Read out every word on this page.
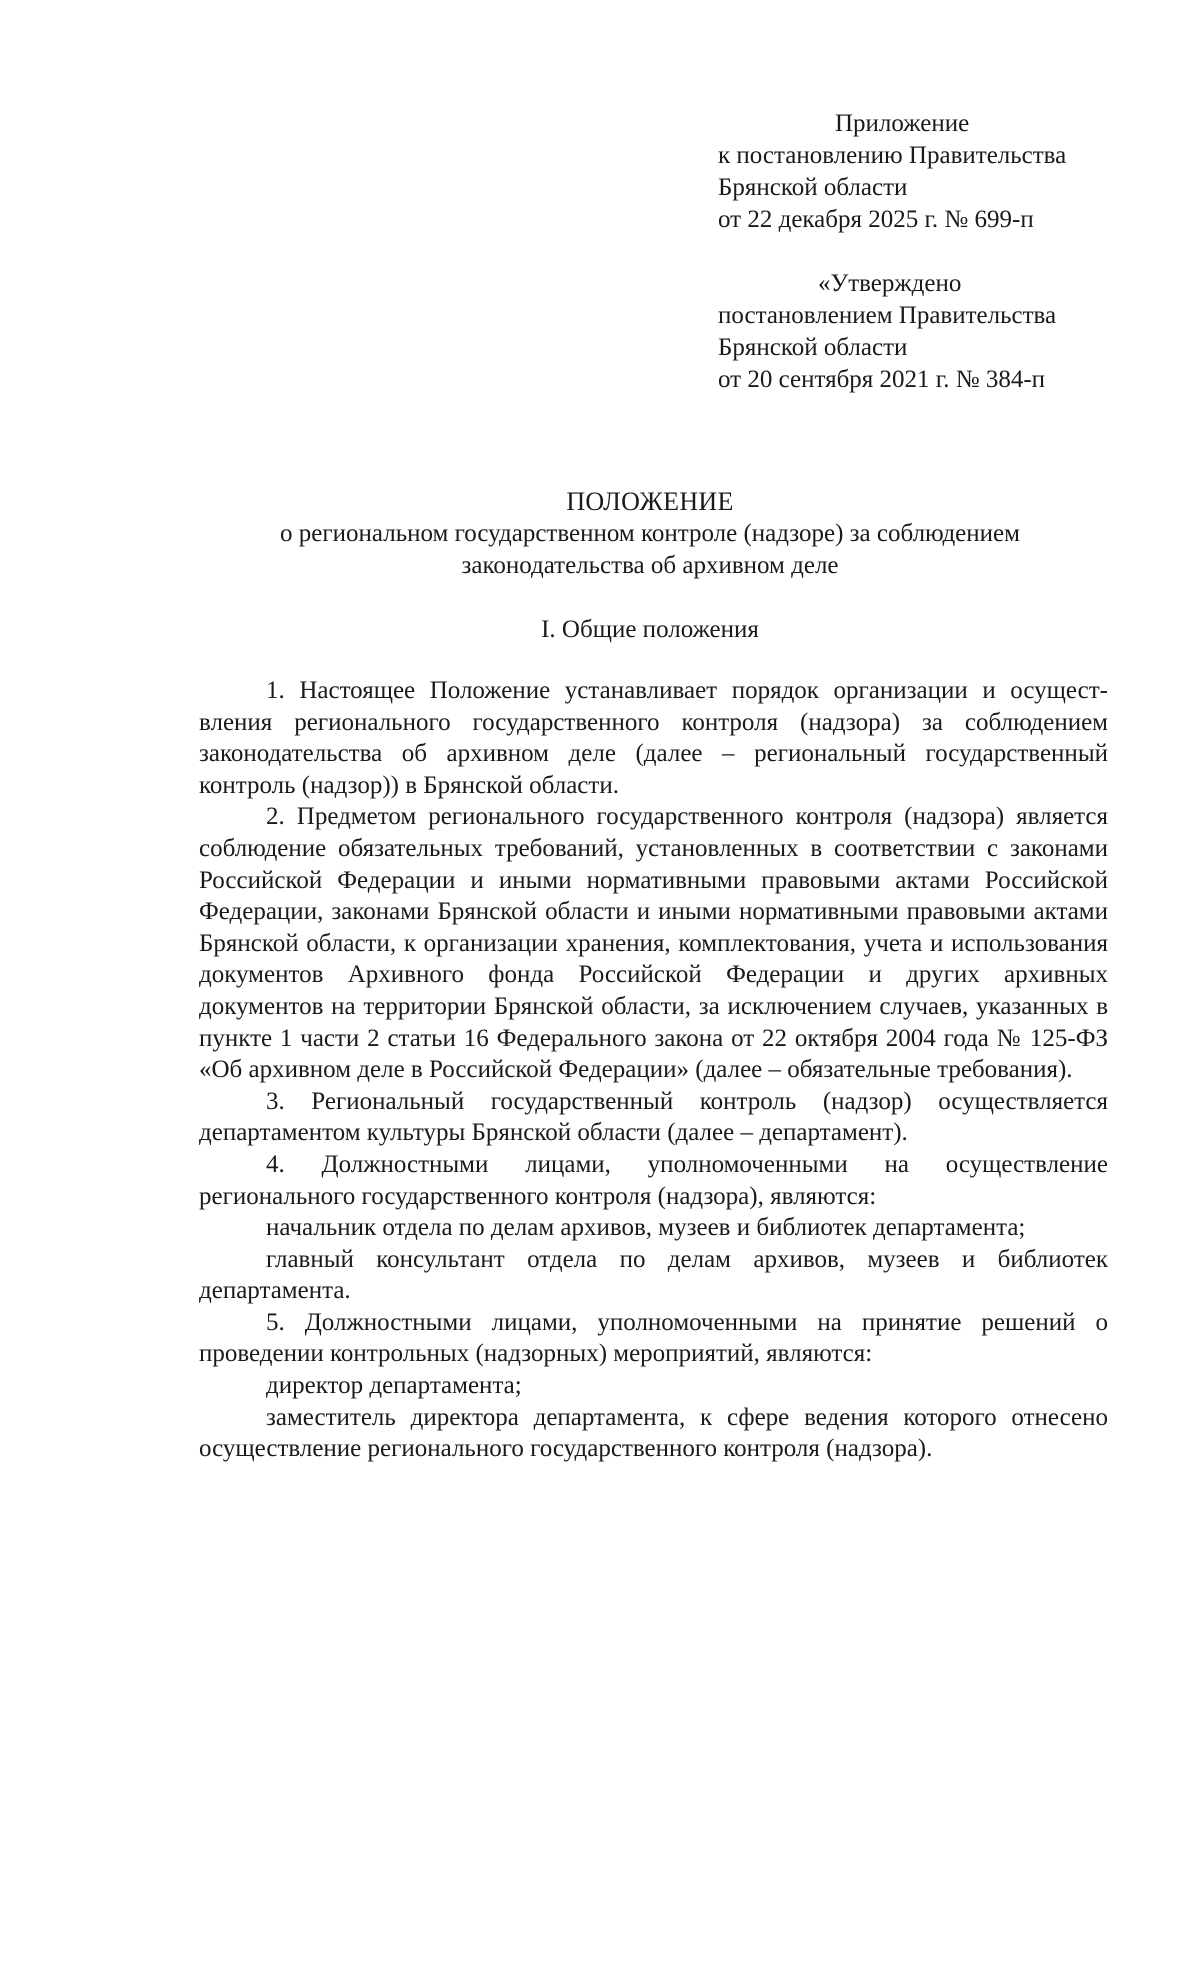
Приложение
к постановлению Правительства
Брянской области
от 22 декабря 2025 г. № 699-п
«Утверждено
постановлением Правительства
Брянской области
от 20 сентября 2021 г. № 384-п
ПОЛОЖЕНИЕ
о региональном государственном контроле (надзоре) за соблюдением
законодательства об архивном деле
I. Общие положения

1. Настоящее Положение устанавливает порядок организации и осуществления регионального государственного контроля (надзора) за соблюдением законодательства об архивном деле (далее – региональный государственный контроль (надзор)) в Брянской области.

2. Предметом регионального государственного контроля (надзора) является соблюдение обязательных требований, установленных в соответствии с законами Российской Федерации и иными нормативными правовыми актами Российской Федерации, законами Брянской области и иными нормативными правовыми актами Брянской области, к организации хранения, комплектования, учета и использования документов Архивного фонда Российской Федерации и других архивных документов на территории Брянской области, за исключением случаев, указанных в пункте 1 части 2 статьи 16 Федерального закона от 22 октября 2004 года № 125-ФЗ «Об архивном деле в Российской Федерации» (далее – обязательные требования).

3. Региональный государственный контроль (надзор) осуществляется департаментом культуры Брянской области (далее – департамент).

4. Должностными лицами, уполномоченными на осуществление регионального государственного контроля (надзора), являются:

начальник отдела по делам архивов, музеев и библиотек департамента;

главный консультант отдела по делам архивов, музеев и библиотек департамента.

5. Должностными лицами, уполномоченными на принятие решений о проведении контрольных (надзорных) мероприятий, являются:

директор департамента;

заместитель директора департамента, к сфере ведения которого отнесено осуществление регионального государственного контроля (надзора).
